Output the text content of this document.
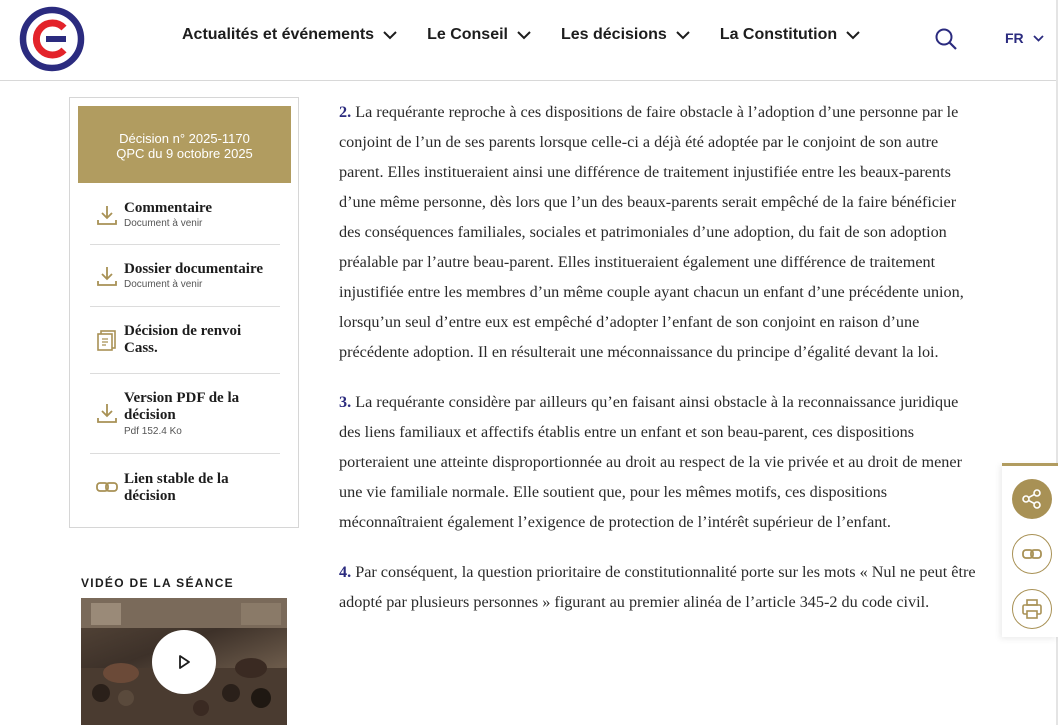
Actualités et événements	Le Conseil	Les décisions	La Constitution	FR
Décision n° 2025-1170
QPC du 9 octobre 2025
Commentaire
Document à venir
Dossier documentaire
Document à venir
Décision de renvoi
Cass.
Version PDF de la
décision
Pdf 152.4 Ko
Lien stable de la
décision
VIDÉO DE LA SÉANCE

2. La requérante reproche à ces dispositions de faire obstacle à l’adoption d’une personne par le conjoint de l’un de ses parents lorsque celle-ci a déjà été adoptée par le conjoint de son autre parent. Elles institueraient ainsi une différence de traitement injustifiée entre les beaux-parents d’une même personne, dès lors que l’un des beaux-parents serait empêché de la faire bénéficier des conséquences familiales, sociales et patrimoniales d’une adoption, du fait de son adoption préalable par l’autre beau-parent. Elles institueraient également une différence de traitement injustifiée entre les membres d’un même couple ayant chacun un enfant d’une précédente union, lorsqu’un seul d’entre eux est empêché d’adopter l’enfant de son conjoint en raison d’une précédente adoption. Il en résulterait une méconnaissance du principe d’égalité devant la loi.

3. La requérante considère par ailleurs qu’en faisant ainsi obstacle à la reconnaissance juridique des liens familiaux et affectifs établis entre un enfant et son beau-parent, ces dispositions porteraient une atteinte disproportionnée au droit au respect de la vie privée et au droit de mener une vie familiale normale. Elle soutient que, pour les mêmes motifs, ces dispositions méconnaîtraient également l’exigence de protection de l’intérêt supérieur de l’enfant.

4. Par conséquent, la question prioritaire de constitutionnalité porte sur les mots « Nul ne peut être adopté par plusieurs personnes » figurant au premier alinéa de l’article 345-2 du code civil.
